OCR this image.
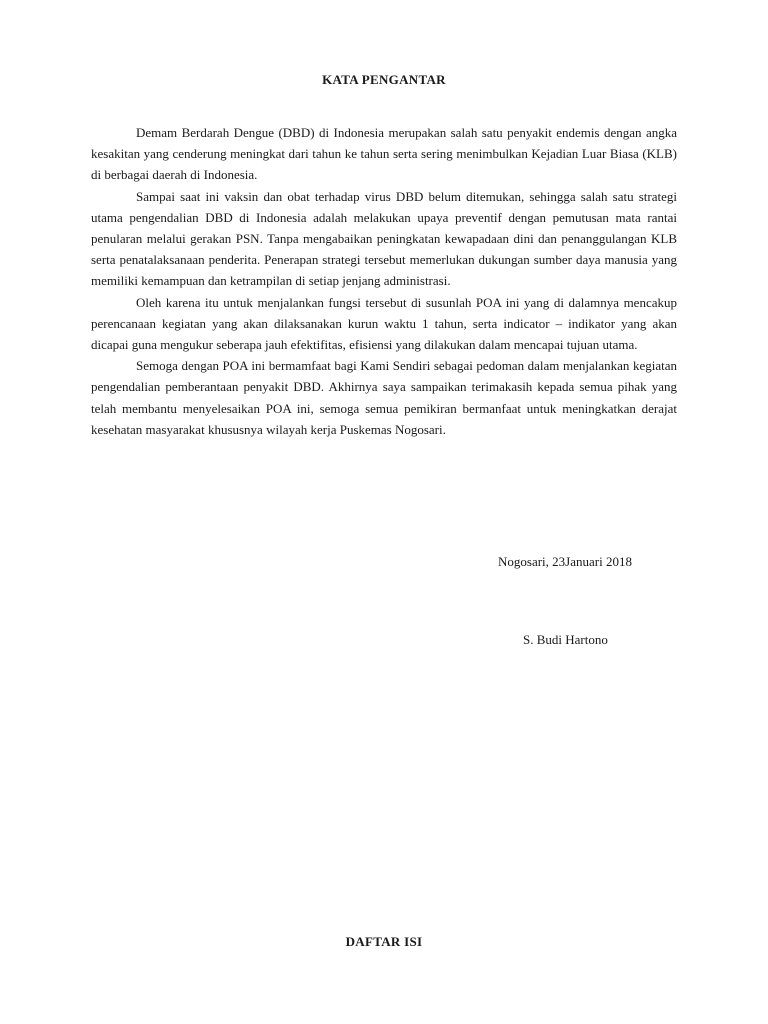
KATA PENGANTAR

Demam Berdarah Dengue (DBD) di Indonesia merupakan salah satu penyakit endemis dengan angka kesakitan yang cenderung meningkat dari tahun ke tahun serta sering menimbulkan Kejadian Luar Biasa (KLB) di berbagai daerah di Indonesia.

Sampai saat ini vaksin dan obat terhadap virus DBD belum ditemukan, sehingga salah satu strategi utama pengendalian DBD di Indonesia adalah melakukan upaya preventif dengan pemutusan mata rantai penularan melalui gerakan PSN. Tanpa mengabaikan peningkatan kewapadaan dini dan penanggulangan KLB serta penatalaksanaan penderita. Penerapan strategi tersebut memerlukan dukungan sumber daya manusia yang memiliki kemampuan dan ketrampilan di setiap jenjang administrasi.

Oleh karena itu untuk menjalankan fungsi tersebut di susunlah POA ini yang di dalamnya mencakup perencanaan kegiatan yang akan dilaksanakan kurun waktu 1 tahun, serta indicator – indikator yang akan dicapai guna mengukur seberapa jauh efektifitas, efisiensi yang dilakukan dalam mencapai tujuan utama.

Semoga dengan POA ini bermamfaat bagi Kami Sendiri sebagai pedoman dalam menjalankan kegiatan pengendalian pemberantaan penyakit DBD. Akhirnya saya sampaikan terimakasih kepada semua pihak yang telah membantu menyelesaikan POA ini, semoga semua pemikiran bermanfaat untuk meningkatkan derajat kesehatan masyarakat khususnya wilayah kerja Puskemas Nogosari.

Nogosari, 23Januari 2018
S. Budi Hartono
DAFTAR ISI
